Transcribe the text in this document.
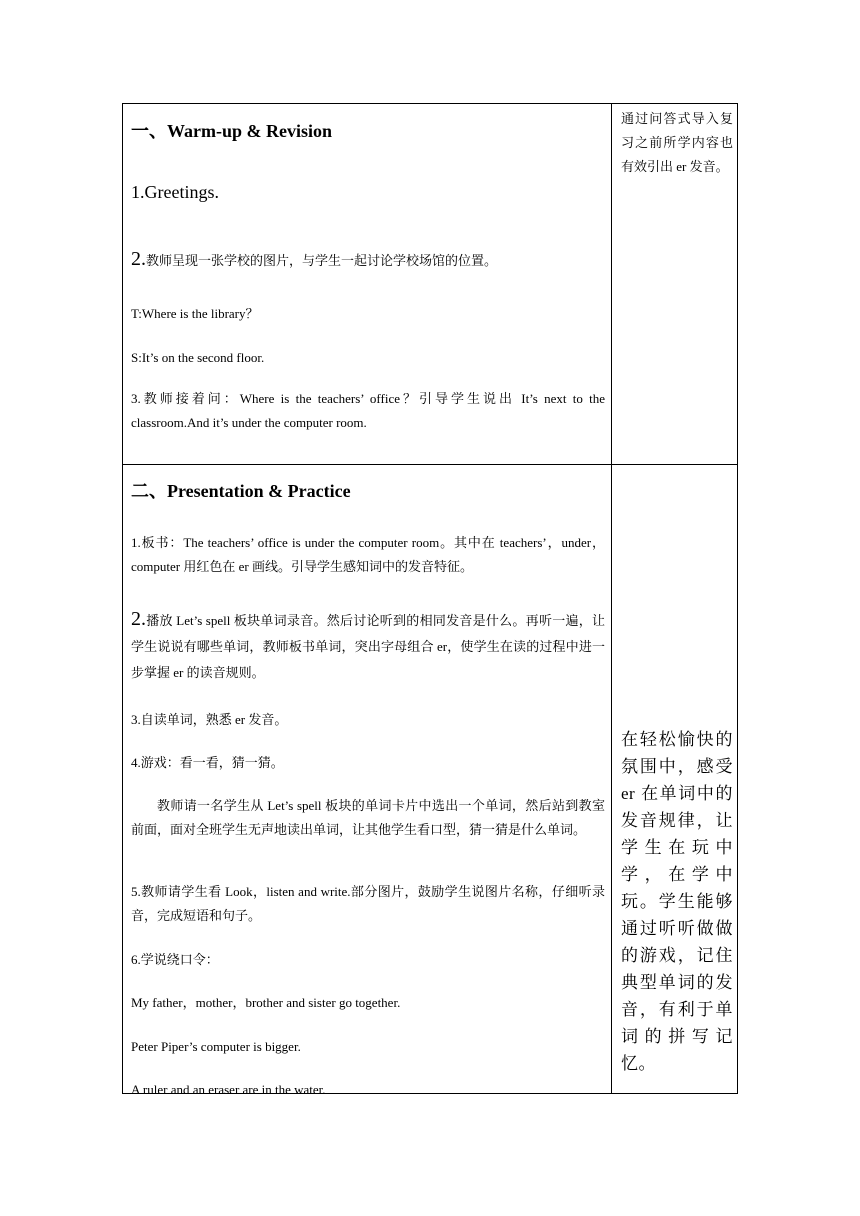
一、Warm-up & Revision
1.Greetings.
2.教师呈现一张学校的图片，与学生一起讨论学校场馆的位置。
T:Where is the library？
S:It’s on the second floor.
3.教师接着问：Where is the teachers’ office？引导学生说出 It’s next to the classroom.And it’s under the computer room.
通过问答式导入复习之前所学内容也有效引出 er 发音。
二、Presentation & Practice
1.板书：The teachers’ office is under the computer room。其中在 teachers’，under，computer 用红色在 er 画线。引导学生感知词中的发音特征。
2.播放 Let’s spell 板块单词录音。然后讨论听到的相同发音是什么。再听一遍，让学生说说有哪些单词，教师板书单词，突出字母组合 er，使学生在读的过程中进一步掌握 er 的读音规则。
3.自读单词，熟悉 er 发音。
4.游戏：看一看，猜一猜。
教师请一名学生从 Let’s spell 板块的单词卡片中选出一个单词，然后站到教室前面，面对全班学生无声地读出单词，让其他学生看口型，猜一猜是什么单词。
5.教师请学生看 Look，listen and write.部分图片，鼓励学生说图片名称，仔细听录音，完成短语和句子。
6.学说绕口令：
My father，mother，brother and sister go together.
Peter Piper’s computer is bigger.
A ruler and an eraser are in the water.
在轻松愉快的氛围中，感受 er 在单词中的发音规律，让学生在玩中学，在学中玩。学生能够通过听听做做的游戏，记住典型单词的发音，有利于单词的拼写记忆。
